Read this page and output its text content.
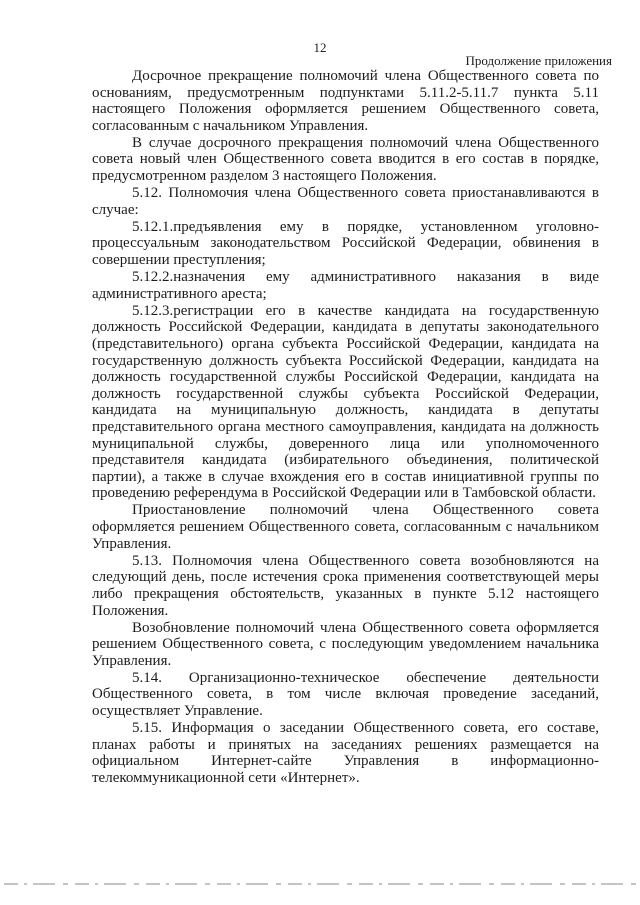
12
Продолжение приложения

Досрочное прекращение полномочий члена Общественного совета по основаниям, предусмотренным подпунктами 5.11.2-5.11.7 пункта 5.11 настоящего Положения оформляется решением Общественного совета, согласованным с начальником Управления.

В случае досрочного прекращения полномочий члена Общественного совета новый член Общественного совета вводится в его состав в порядке, предусмотренном разделом 3 настоящего Положения.

5.12. Полномочия члена Общественного совета приостанавливаются в случае:

5.12.1.предъявления ему в порядке, установленном уголовно-процессуальным законодательством Российской Федерации, обвинения в совершении преступления;

5.12.2.назначения ему административного наказания в виде административного ареста;

5.12.3.регистрации его в качестве кандидата на государственную должность Российской Федерации, кандидата в депутаты законодательного (представительного) органа субъекта Российской Федерации, кандидата на государственную должность субъекта Российской Федерации, кандидата на должность государственной службы Российской Федерации, кандидата на должность государственной службы субъекта Российской Федерации, кандидата на муниципальную должность, кандидата в депутаты представительного органа местного самоуправления, кандидата на должность муниципальной службы, доверенного лица или уполномоченного представителя кандидата (избирательного объединения, политической партии), а также в случае вхождения его в состав инициативной группы по проведению референдума в Российской Федерации или в Тамбовской области.

Приостановление полномочий члена Общественного совета оформляется решением Общественного совета, согласованным с начальником Управления.

5.13. Полномочия члена Общественного совета возобновляются на следующий день, после истечения срока применения соответствующей меры либо прекращения обстоятельств, указанных в пункте 5.12 настоящего Положения.

Возобновление полномочий члена Общественного совета оформляется решением Общественного совета, с последующим уведомлением начальника Управления.

5.14. Организационно-техническое обеспечение деятельности Общественного совета, в том числе включая проведение заседаний, осуществляет Управление.

5.15. Информация о заседании Общественного совета, его составе, планах работы и принятых на заседаниях решениях размещается на официальном Интернет-сайте Управления в информационно-телекоммуникационной сети «Интернет».
